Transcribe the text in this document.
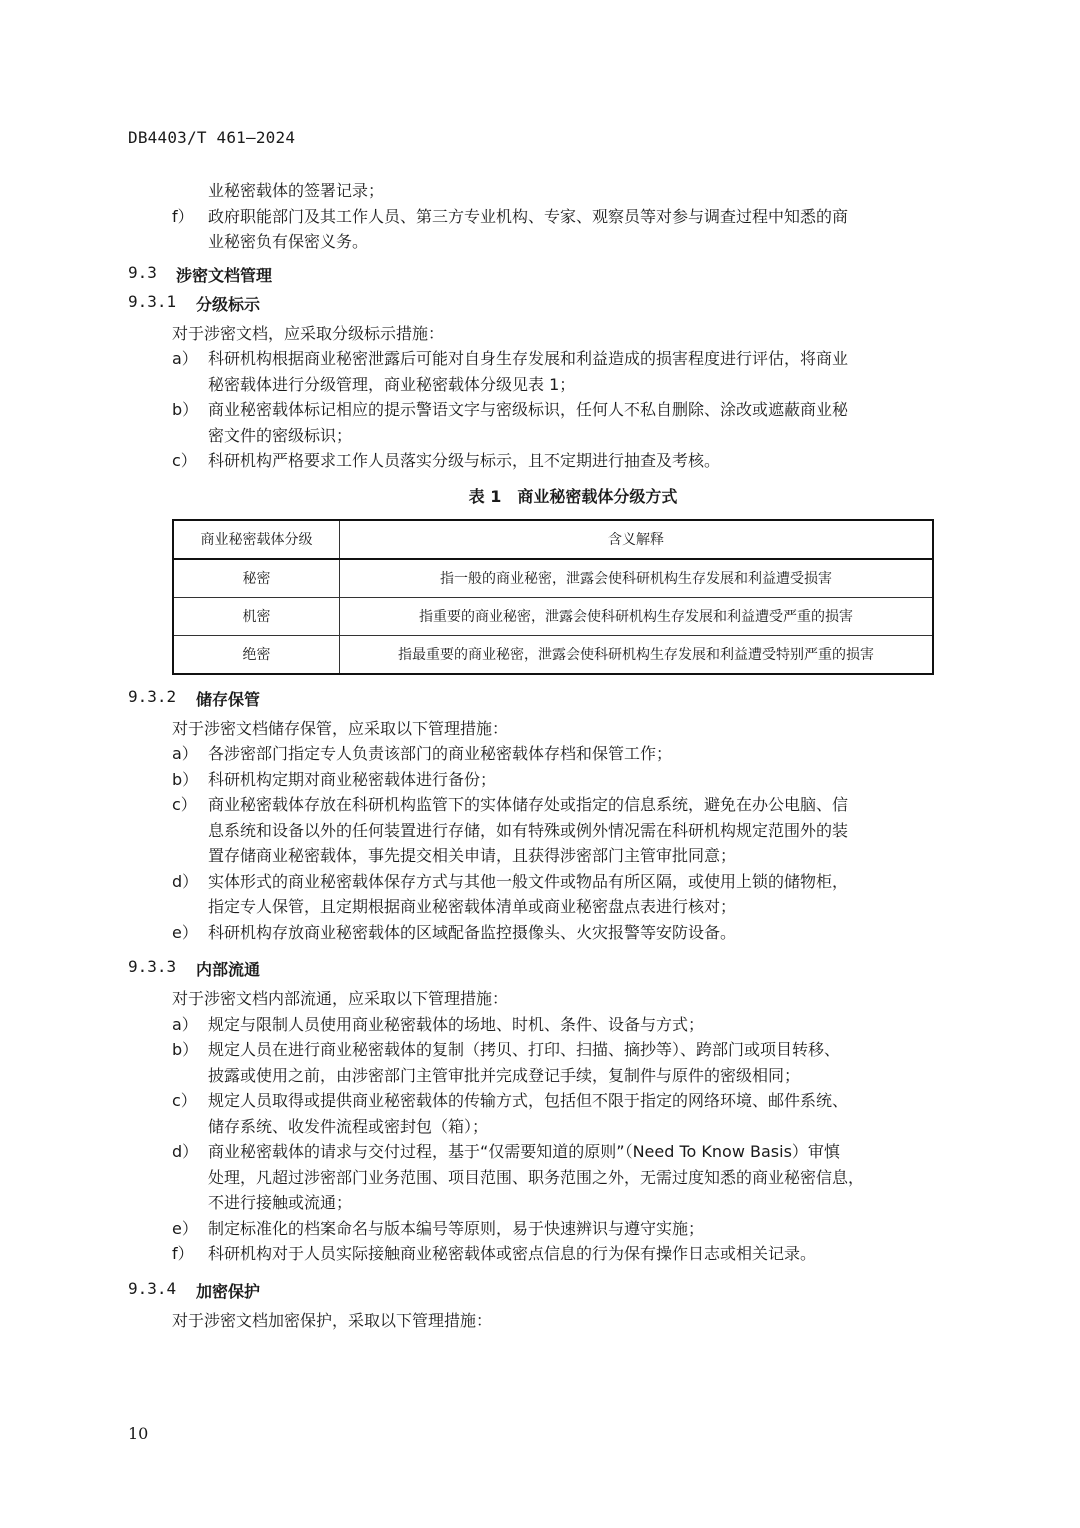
DB4403/T 461—2024
业秘密载体的签署记录；
f） 政府职能部门及其工作人员、第三方专业机构、专家、观察员等对参与调查过程中知悉的商
业秘密负有保密义务。
9.3	涉密文档管理
9.3.1	分级标示
对于涉密文档，应采取分级标示措施：
a） 科研机构根据商业秘密泄露后可能对自身生存发展和利益造成的损害程度进行评估，将商业
秘密载体进行分级管理，商业秘密载体分级见表 1；
b） 商业秘密载体标记相应的提示警语文字与密级标识，任何人不私自删除、涂改或遮蔽商业秘
密文件的密级标识；
c） 科研机构严格要求工作人员落实分级与标示，且不定期进行抽查及考核。
表 1　商业秘密载体分级方式
商业秘密载体分级	含义解释
秘密	指一般的商业秘密，泄露会使科研机构生存发展和利益遭受损害
机密	指重要的商业秘密，泄露会使科研机构生存发展和利益遭受严重的损害
绝密	指最重要的商业秘密，泄露会使科研机构生存发展和利益遭受特别严重的损害
9.3.2	储存保管
对于涉密文档储存保管，应采取以下管理措施：
a） 各涉密部门指定专人负责该部门的商业秘密载体存档和保管工作；
b） 科研机构定期对商业秘密载体进行备份；
c） 商业秘密载体存放在科研机构监管下的实体储存处或指定的信息系统，避免在办公电脑、信
息系统和设备以外的任何装置进行存储，如有特殊或例外情况需在科研机构规定范围外的装
置存储商业秘密载体，事先提交相关申请，且获得涉密部门主管审批同意；
d） 实体形式的商业秘密载体保存方式与其他一般文件或物品有所区隔，或使用上锁的储物柜，
指定专人保管，且定期根据商业秘密载体清单或商业秘密盘点表进行核对；
e） 科研机构存放商业秘密载体的区域配备监控摄像头、火灾报警等安防设备。
9.3.3	内部流通
对于涉密文档内部流通，应采取以下管理措施：
a） 规定与限制人员使用商业秘密载体的场地、时机、条件、设备与方式；
b） 规定人员在进行商业秘密载体的复制（拷贝、打印、扫描、摘抄等）、跨部门或项目转移、
披露或使用之前，由涉密部门主管审批并完成登记手续，复制件与原件的密级相同；
c） 规定人员取得或提供商业秘密载体的传输方式，包括但不限于指定的网络环境、邮件系统、
储存系统、收发件流程或密封包（箱）；
d） 商业秘密载体的请求与交付过程，基于“仅需要知道的原则”（Need To Know Basis）审慎
处理，凡超过涉密部门业务范围、项目范围、职务范围之外，无需过度知悉的商业秘密信息，
不进行接触或流通；
e） 制定标准化的档案命名与版本编号等原则，易于快速辨识与遵守实施；
f） 科研机构对于人员实际接触商业秘密载体或密点信息的行为保有操作日志或相关记录。
9.3.4	加密保护
对于涉密文档加密保护，采取以下管理措施：
10
